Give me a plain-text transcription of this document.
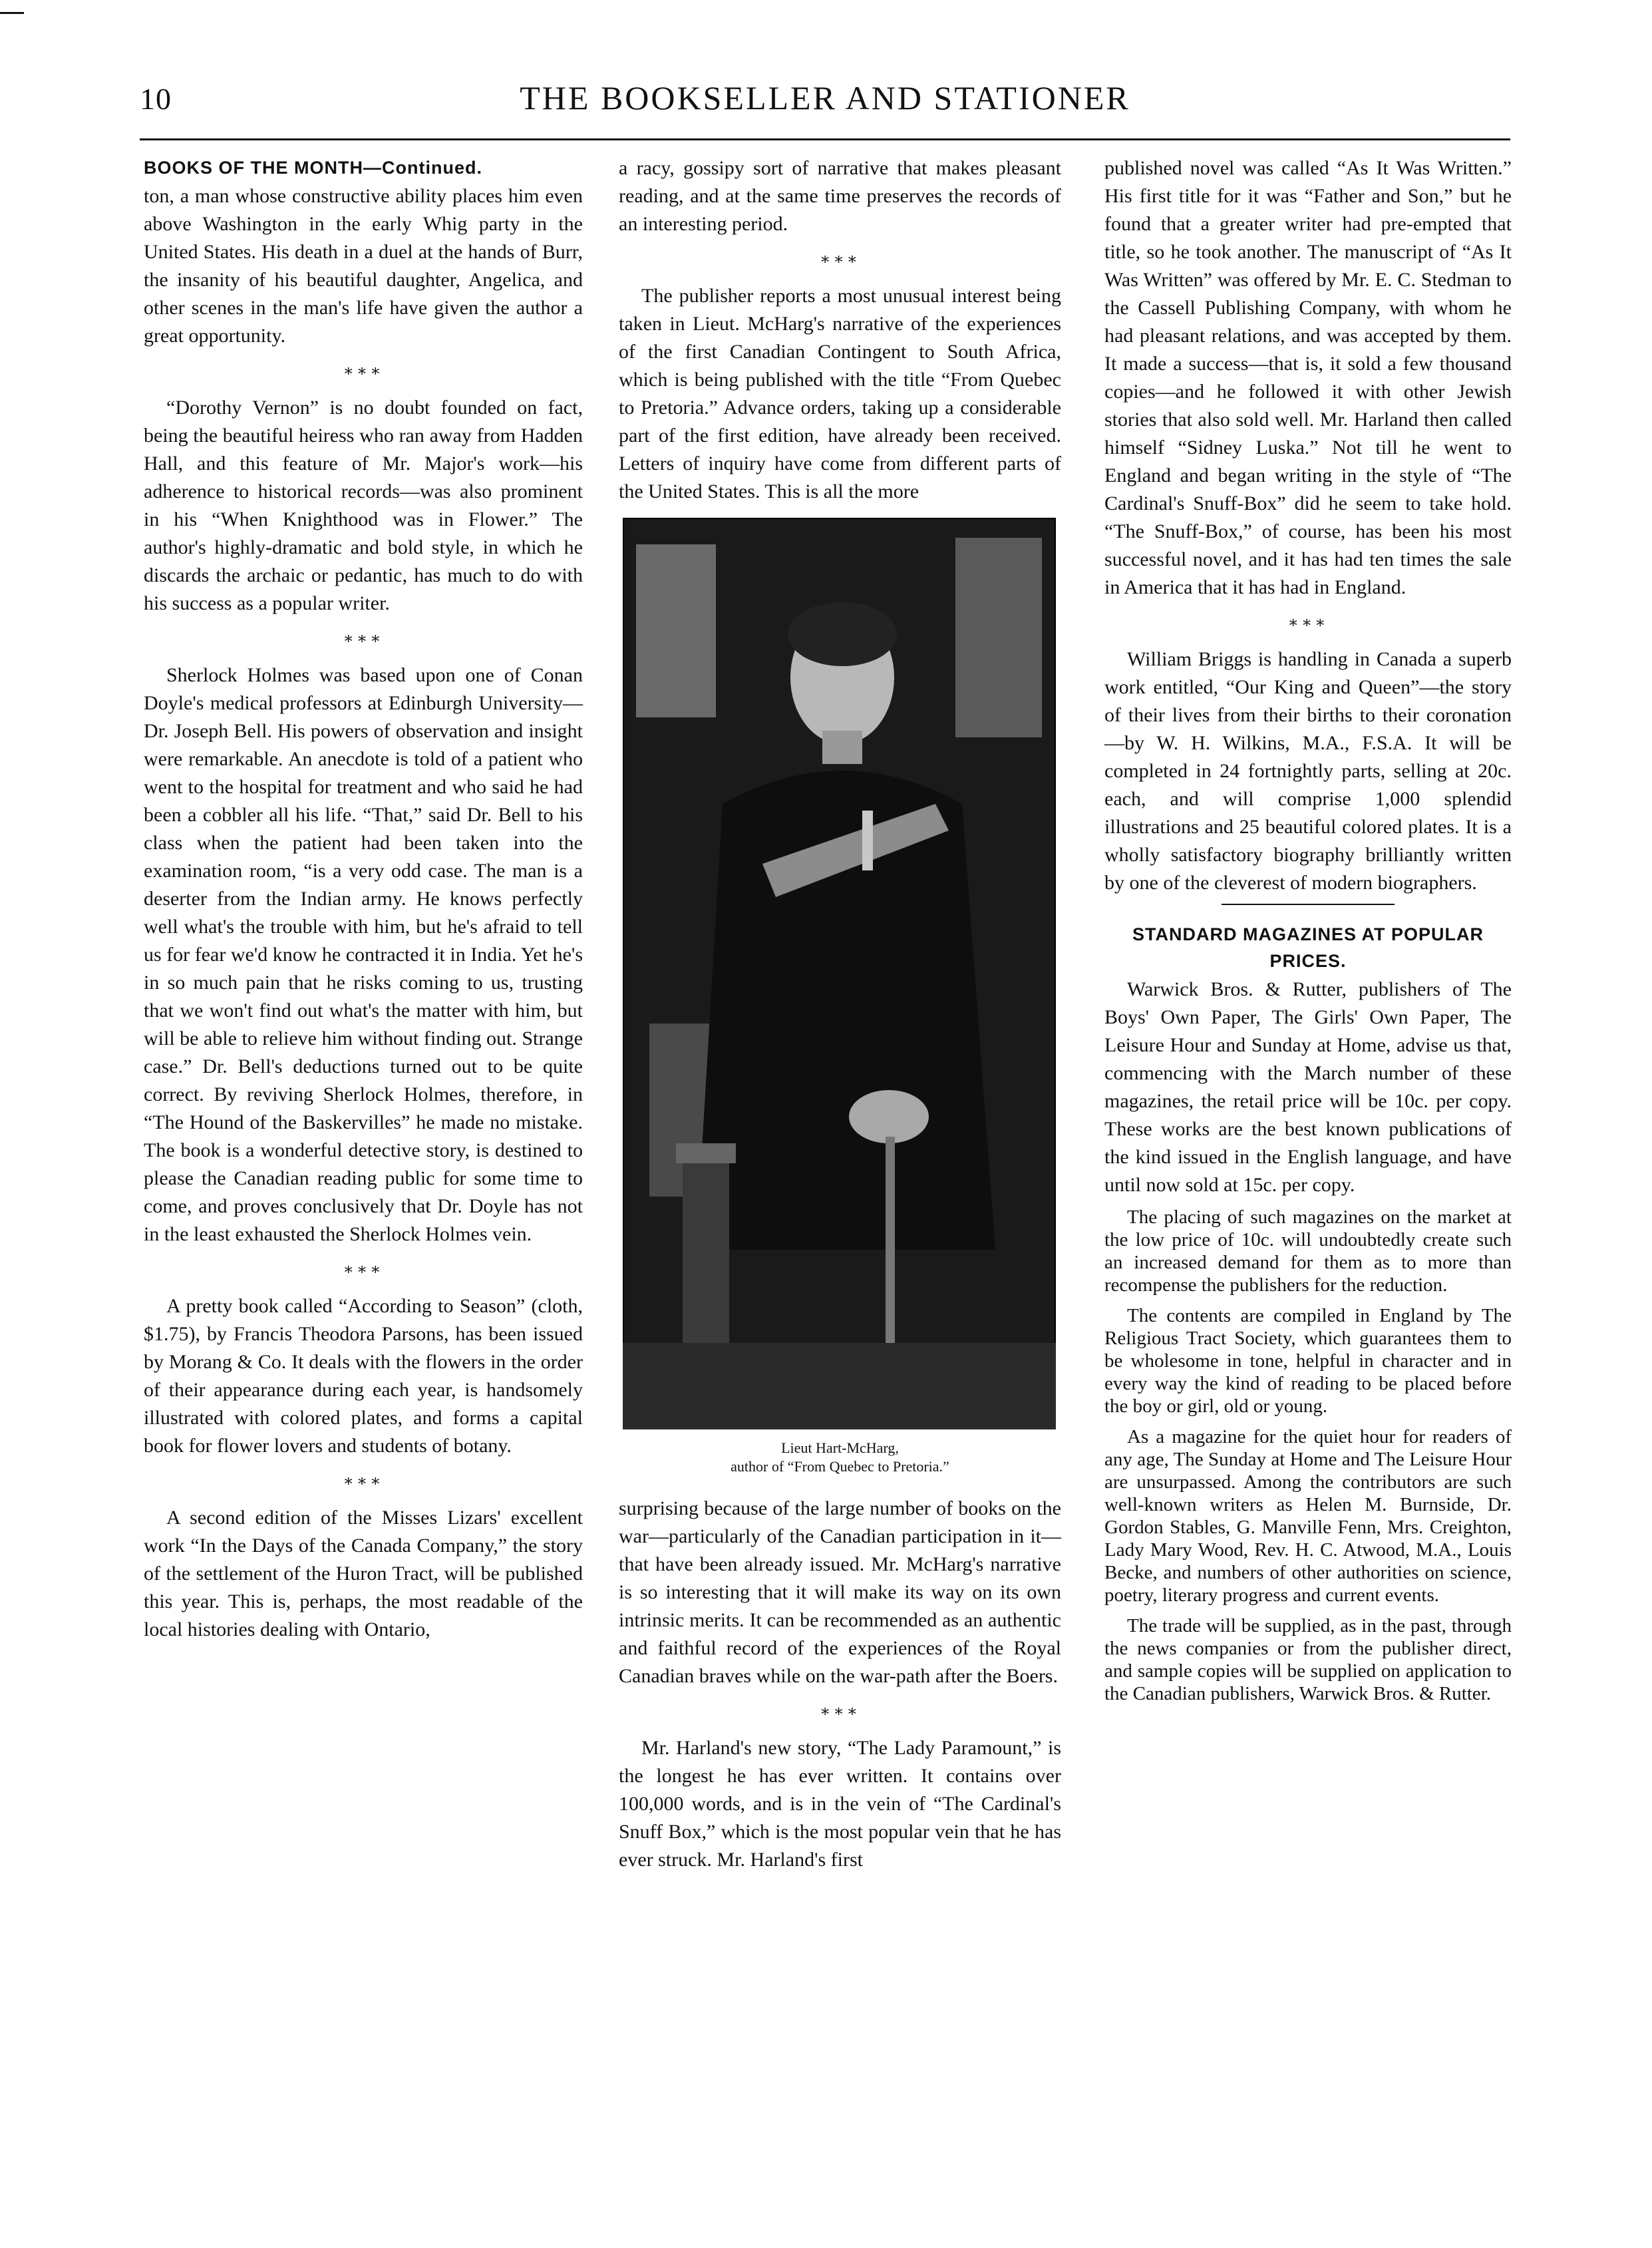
10	THE BOOKSELLER AND STATIONER
BOOKS OF THE MONTH—Continued.

ton, a man whose constructive ability places him even above Washington in the early Whig party in the United States. His death in a duel at the hands of Burr, the insanity of his beautiful daughter, Angelica, and other scenes in the man's life have given the author a great opportunity.

∗∗∗

“Dorothy Vernon” is no doubt founded on fact, being the beautiful heiress who ran away from Hadden Hall, and this feature of Mr. Major's work—his adherence to historical records—was also prominent in his “When Knighthood was in Flower.” The author's highly-dramatic and bold style, in which he discards the archaic or pedantic, has much to do with his success as a popular writer.

∗∗∗

Sherlock Holmes was based upon one of Conan Doyle's medical professors at Edinburgh University—Dr. Joseph Bell. His powers of observation and insight were remarkable. An anecdote is told of a patient who went to the hospital for treatment and who said he had been a cobbler all his life. “That,” said Dr. Bell to his class when the patient had been taken into the examination room, “is a very odd case. The man is a deserter from the Indian army. He knows perfectly well what's the trouble with him, but he's afraid to tell us for fear we'd know he contracted it in India. Yet he's in so much pain that he risks coming to us, trusting that we won't find out what's the matter with him, but will be able to relieve him without finding out. Strange case.” Dr. Bell's deductions turned out to be quite correct. By reviving Sherlock Holmes, therefore, in “The Hound of the Baskervilles” he made no mistake. The book is a wonderful detective story, is destined to please the Canadian reading public for some time to come, and proves conclusively that Dr. Doyle has not in the least exhausted the Sherlock Holmes vein.

∗∗∗

A pretty book called “According to Season” (cloth, $1.75), by Francis Theodora Parsons, has been issued by Morang & Co. It deals with the flowers in the order of their appearance during each year, is handsomely illustrated with colored plates, and forms a capital book for flower lovers and students of botany.

∗∗∗

A second edition of the Misses Lizars' excellent work “In the Days of the Canada Company,” the story of the settlement of the Huron Tract, will be published this year. This is, perhaps, the most readable of the local histories dealing with Ontario,

a racy, gossipy sort of narrative that makes pleasant reading, and at the same time preserves the records of an interesting period.

∗∗∗

The publisher reports a most unusual interest being taken in Lieut. McHarg's narrative of the experiences of the first Canadian Contingent to South Africa, which is being published with the title “From Quebec to Pretoria.” Advance orders, taking up a considerable part of the first edition, have already been received. Letters of inquiry have come from different parts of the United States. This is all the more

Lieut Hart-McHarg,
author of “From Quebec to Pretoria.”

surprising because of the large number of books on the war—particularly of the Canadian participation in it—that have been already issued. Mr. McHarg's narrative is so interesting that it will make its way on its own intrinsic merits. It can be recommended as an authentic and faithful record of the experiences of the Royal Canadian braves while on the war-path after the Boers.

∗∗∗

Mr. Harland's new story, “The Lady Paramount,” is the longest he has ever written. It contains over 100,000 words, and is in the vein of “The Cardinal's Snuff Box,” which is the most popular vein that he has ever struck. Mr. Harland's first

published novel was called “As It Was Written.” His first title for it was “Father and Son,” but he found that a greater writer had pre-empted that title, so he took another. The manuscript of “As It Was Written” was offered by Mr. E. C. Stedman to the Cassell Publishing Company, with whom he had pleasant relations, and was accepted by them. It made a success—that is, it sold a few thousand copies—and he followed it with other Jewish stories that also sold well. Mr. Harland then called himself “Sidney Luska.” Not till he went to England and began writing in the style of “The Cardinal's Snuff-Box” did he seem to take hold. “The Snuff-Box,” of course, has been his most successful novel, and it has had ten times the sale in America that it has had in England.

∗∗∗

William Briggs is handling in Canada a superb work entitled, “Our King and Queen”—the story of their lives from their births to their coronation—by W. H. Wilkins, M.A., F.S.A. It will be completed in 24 fortnightly parts, selling at 20c. each, and will comprise 1,000 splendid illustrations and 25 beautiful colored plates. It is a wholly satisfactory biography brilliantly written by one of the cleverest of modern biographers.

STANDARD MAGAZINES AT POPULAR PRICES.

Warwick Bros. & Rutter, publishers of The Boys' Own Paper, The Girls' Own Paper, The Leisure Hour and Sunday at Home, advise us that, commencing with the March number of these magazines, the retail price will be 10c. per copy. These works are the best known publications of the kind issued in the English language, and have until now sold at 15c. per copy.

The placing of such magazines on the market at the low price of 10c. will undoubtedly create such an increased demand for them as to more than recompense the publishers for the reduction.

The contents are compiled in England by The Religious Tract Society, which guarantees them to be wholesome in tone, helpful in character and in every way the kind of reading to be placed before the boy or girl, old or young.

As a magazine for the quiet hour for readers of any age, The Sunday at Home and The Leisure Hour are unsurpassed. Among the contributors are such well-known writers as Helen M. Burnside, Dr. Gordon Stables, G. Manville Fenn, Mrs. Creighton, Lady Mary Wood, Rev. H. C. Atwood, M.A., Louis Becke, and numbers of other authorities on science, poetry, literary progress and current events.

The trade will be supplied, as in the past, through the news companies or from the publisher direct, and sample copies will be supplied on application to the Canadian publishers, Warwick Bros. & Rutter.
